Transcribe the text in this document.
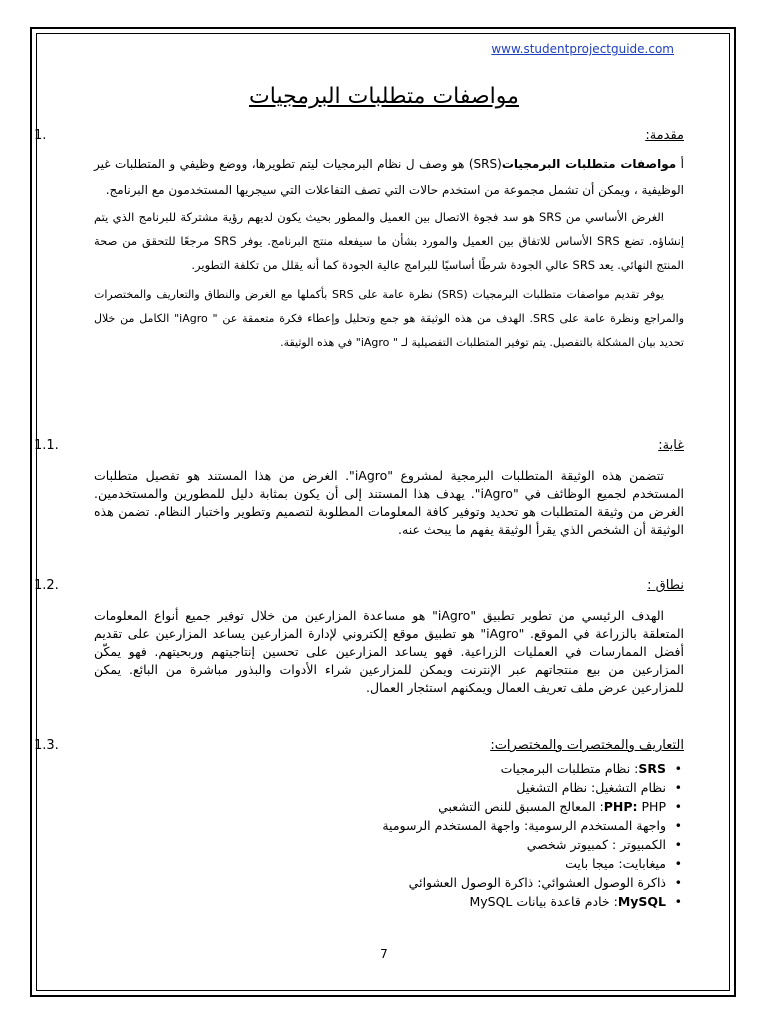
www.studentprojectguide.com
مواصفات متطلبات البرمجيات
1.	مقدمة:

أ مواصفات متطلبات البرمجيات(SRS) هو وصف ل نظام البرمجيات ليتم تطويرها، ووضع وظيفي و المتطلبات غير الوظيفية ، ويمكن أن تشمل مجموعة من استخدم حالات التي تصف التفاعلات التي سيجريها المستخدمون مع البرنامج.

الغرض الأساسي من SRS هو سد فجوة الاتصال بين العميل والمطور بحيث يكون لديهم رؤية مشتركة للبرنامج الذي يتم إنشاؤه. تضع SRS الأساس للاتفاق بين العميل والمورد بشأن ما سيفعله منتج البرنامج. يوفر SRS مرجعًا للتحقق من صحة المنتج النهائي. يعد SRS عالي الجودة شرطًا أساسيًا للبرامج عالية الجودة كما أنه يقلل من تكلفة التطوير.

يوفر تقديم مواصفات متطلبات البرمجيات (SRS) نظرة عامة على SRS بأكملها مع الغرض والنطاق والتعاريف والمختصرات والمراجع ونظرة عامة على SRS. الهدف من هذه الوثيقة هو جمع وتحليل وإعطاء فكرة متعمقة عن " iAgro" الكامل من خلال تحديد بيان المشكلة بالتفصيل. يتم توفير المتطلبات التفصيلية لـ " iAgro" في هذه الوثيقة.

1.1.	غاية:

تتضمن هذه الوثيقة المتطلبات البرمجية لمشروع "iAgro". الغرض من هذا المستند هو تفصيل متطلبات المستخدم لجميع الوظائف في "iAgro". يهدف هذا المستند إلى أن يكون بمثابة دليل للمطورين والمستخدمين. الغرض من وثيقة المتطلبات هو تحديد وتوفير كافة المعلومات المطلوبة لتصميم وتطوير واختبار النظام. تضمن هذه الوثيقة أن الشخص الذي يقرأ الوثيقة يفهم ما يبحث عنه.

1.2.	نطاق :

الهدف الرئيسي من تطوير تطبيق "iAgro" هو مساعدة المزارعين من خلال توفير جميع أنواع المعلومات المتعلقة بالزراعة في الموقع. "iAgro" هو تطبيق موقع إلكتروني لإدارة المزارعين يساعد المزارعين على تقديم أفضل الممارسات في العمليات الزراعية. فهو يساعد المزارعين على تحسين إنتاجيتهم وربحيتهم. فهو يمكّن المزارعين من بيع منتجاتهم عبر الإنترنت ويمكن للمزارعين شراء الأدوات والبذور مباشرة من البائع. يمكن للمزارعين عرض ملف تعريف العمال ويمكنهم استئجار العمال.

1.3.	التعاريف والمختصرات والمختصرات:
• SRS: نظام متطلبات البرمجيات
• نظام التشغيل: نظام التشغيل
• PHP: PHP: المعالج المسبق للنص التشعبي
• واجهة المستخدم الرسومية: واجهة المستخدم الرسومية
• الكمبيوتر : كمبيوتر شخصي
• ميغابايت: ميجا بايت
• ذاكرة الوصول العشوائي: ذاكرة الوصول العشوائي
• MySQL: خادم قاعدة بيانات MySQL
7
